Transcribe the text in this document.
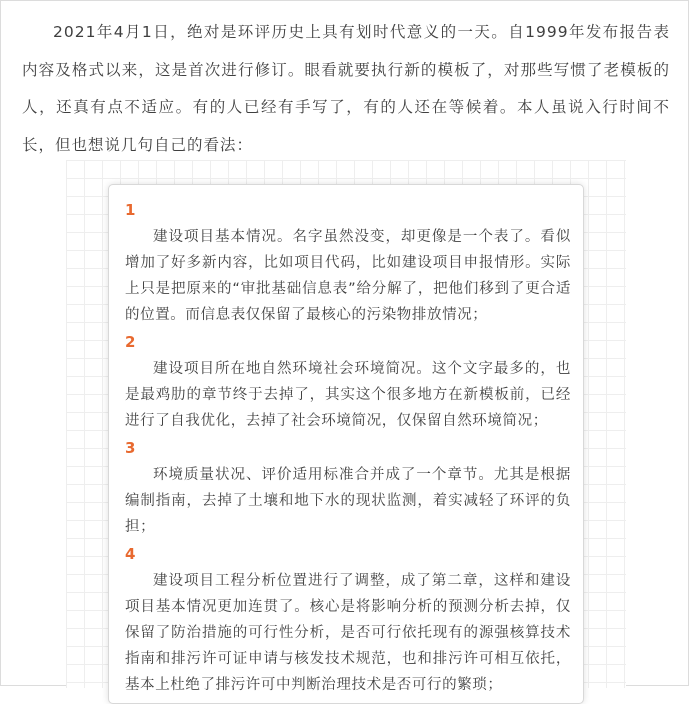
2021年4月1日，绝对是环评历史上具有划时代意义的一天。自1999年发布报告表内容及格式以来，这是首次进行修订。眼看就要执行新的模板了，对那些写惯了老模板的人，还真有点不适应。有的人已经有手写了，有的人还在等候着。本人虽说入行时间不长，但也想说几句自己的看法：

1

建设项目基本情况。名字虽然没变，却更像是一个表了。看似增加了好多新内容，比如项目代码，比如建设项目申报情形。实际上只是把原来的“审批基础信息表”给分解了，把他们移到了更合适的位置。而信息表仅保留了最核心的污染物排放情况；

2

建设项目所在地自然环境社会环境简况。这个文字最多的，也是最鸡肋的章节终于去掉了，其实这个很多地方在新模板前，已经进行了自我优化，去掉了社会环境简况，仅保留自然环境简况；

3

环境质量状况、评价适用标准合并成了一个章节。尤其是根据编制指南，去掉了土壤和地下水的现状监测，着实减轻了环评的负担；

4

建设项目工程分析位置进行了调整，成了第二章，这样和建设项目基本情况更加连贯了。核心是将影响分析的预测分析去掉，仅保留了防治措施的可行性分析，是否可行依托现有的源强核算技术指南和排污许可证申请与核发技术规范，也和排污许可相互依托，基本上杜绝了排污许可中判断治理技术是否可行的繁琐；
